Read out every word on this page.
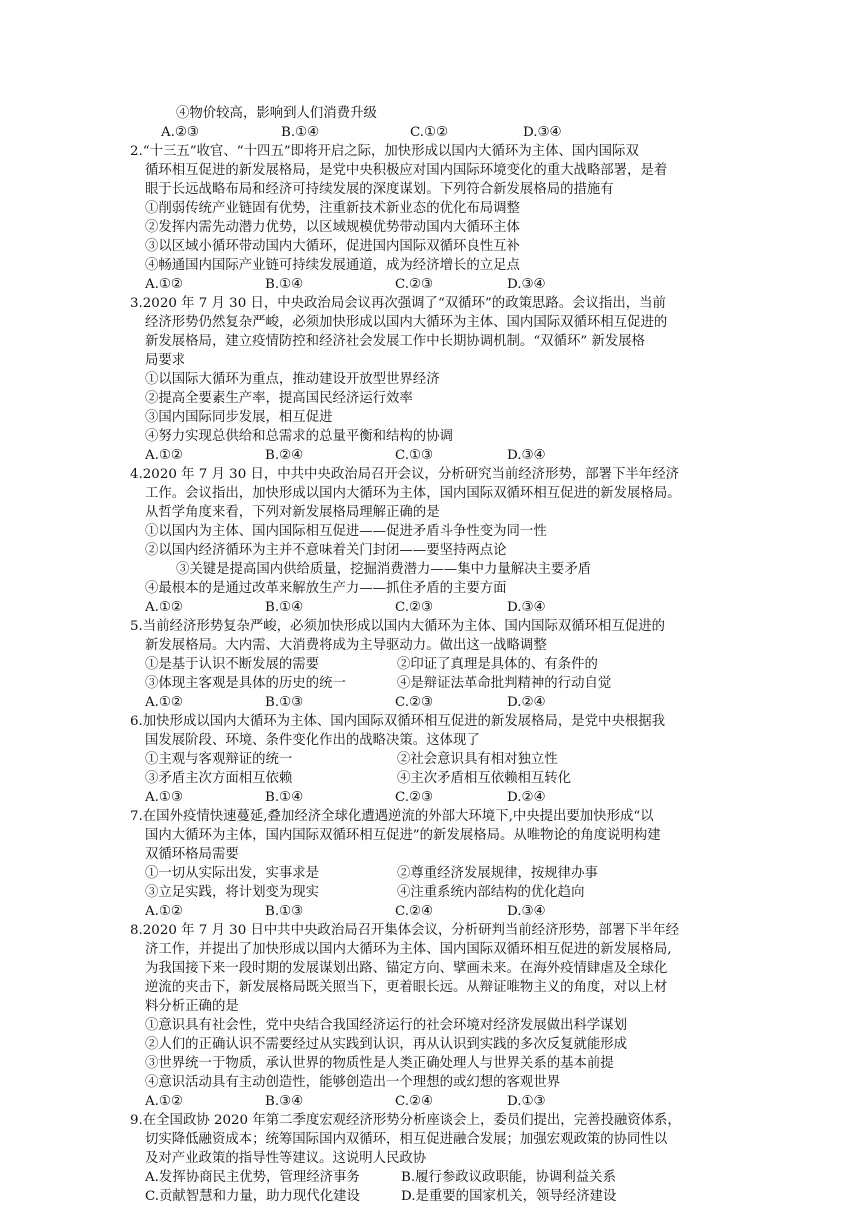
④物价较高，影响到人们消费升级
A.②③	B.①④	C.①②	D.③④
2.“十三五”收官、“十四五”即将开启之际，加快形成以国内大循环为主体、国内国际双
循环相互促进的新发展格局，是党中央积极应对国内国际环境变化的重大战略部署，是着
眼于长远战略布局和经济可持续发展的深度谋划。下列符合新发展格局的措施有
①削弱传统产业链固有优势，注重新技术新业态的优化布局调整
②发挥内需先动潜力优势，以区域规模优势带动国内大循环主体
③以区域小循环带动国内大循环，促进国内国际双循环良性互补
④畅通国内国际产业链可持续发展通道，成为经济增长的立足点
A.①②	B.①④	C.②③	D.③④
3.2020 年 7 月 30 日，中央政治局会议再次强调了“双循环”的政策思路。会议指出，当前
经济形势仍然复杂严峻，必须加快形成以国内大循环为主体、国内国际双循环相互促进的
新发展格局，建立疫情防控和经济社会发展工作中长期协调机制。“双循环” 新发展格
局要求
①以国际大循环为重点，推动建设开放型世界经济
②提高全要素生产率，提高国民经济运行效率
③国内国际同步发展，相互促进
④努力实现总供给和总需求的总量平衡和结构的协调
A.①②	B.②④	C.①③	D.③④
4.2020 年 7 月 30 日，中共中央政治局召开会议，分析研究当前经济形势，部署下半年经济
工作。会议指出，加快形成以国内大循环为主体，国内国际双循环相互促进的新发展格局。
从哲学角度来看，下列对新发展格局理解正确的是
①以国内为主体、国内国际相互促进——促进矛盾斗争性变为同一性
②以国内经济循环为主并不意味着关门封闭——要坚持两点论
③关键是提高国内供给质量，挖掘消费潜力——集中力量解决主要矛盾
④最根本的是通过改革来解放生产力——抓住矛盾的主要方面
A.①②	B.①④	C.②③	D.③④
5.当前经济形势复杂严峻，必须加快形成以国内大循环为主体、国内国际双循环相互促进的
新发展格局。大内需、大消费将成为主导驱动力。做出这一战略调整
①是基于认识不断发展的需要	②印证了真理是具体的、有条件的
③体现主客观是具体的历史的统一	④是辩证法革命批判精神的行动自觉
A.①②	B.①③	C.②③	D.②④
6.加快形成以国内大循环为主体、国内国际双循环相互促进的新发展格局，是党中央根据我
国发展阶段、环境、条件变化作出的战略决策。这体现了
①主观与客观辩证的统一	②社会意识具有相对独立性
③矛盾主次方面相互依赖	④主次矛盾相互依赖相互转化
A.①③	B.①④	C.②③	D.②④
7.在国外疫情快速蔓延,叠加经济全球化遭遇逆流的外部大环境下,中央提出要加快形成“以
国内大循环为主体，国内国际双循环相互促进”的新发展格局。从唯物论的角度说明构建
双循环格局需要
①一切从实际出发，实事求是	②尊重经济发展规律，按规律办事
③立足实践，将计划变为现实	④注重系统内部结构的优化趋向
A.①②	B.①③	C.②④	D.③④
8.2020 年 7 月 30 日中共中央政治局召开集体会议，分析研判当前经济形势，部署下半年经
济工作，并提出了加快形成以国内大循环为主体、国内国际双循环相互促进的新发展格局,
为我国接下来一段时期的发展谋划出路、锚定方向、擘画未来。在海外疫情肆虐及全球化
逆流的夹击下，新发展格局既关照当下，更着眼长远。从辩证唯物主义的角度，对以上材
料分析正确的是
①意识具有社会性，党中央结合我国经济运行的社会环境对经济发展做出科学谋划
②人们的正确认识不需要经过从实践到认识，再从认识到实践的多次反复就能形成
③世界统一于物质，承认世界的物质性是人类正确处理人与世界关系的基本前提
④意识活动具有主动创造性，能够创造出一个理想的或幻想的客观世界
A.①②	B.③④	C.②④	D.①③
9.在全国政协 2020 年第二季度宏观经济形势分析座谈会上，委员们提出，完善投融资体系，
切实降低融资成本；统筹国际国内双循环，相互促进融合发展；加强宏观政策的协同性以
及对产业政策的指导性等建议。这说明人民政协
A.发挥协商民主优势，管理经济事务	B.履行参政议政职能，协调利益关系
C.贡献智慧和力量，助力现代化建设	D.是重要的国家机关，领导经济建设
